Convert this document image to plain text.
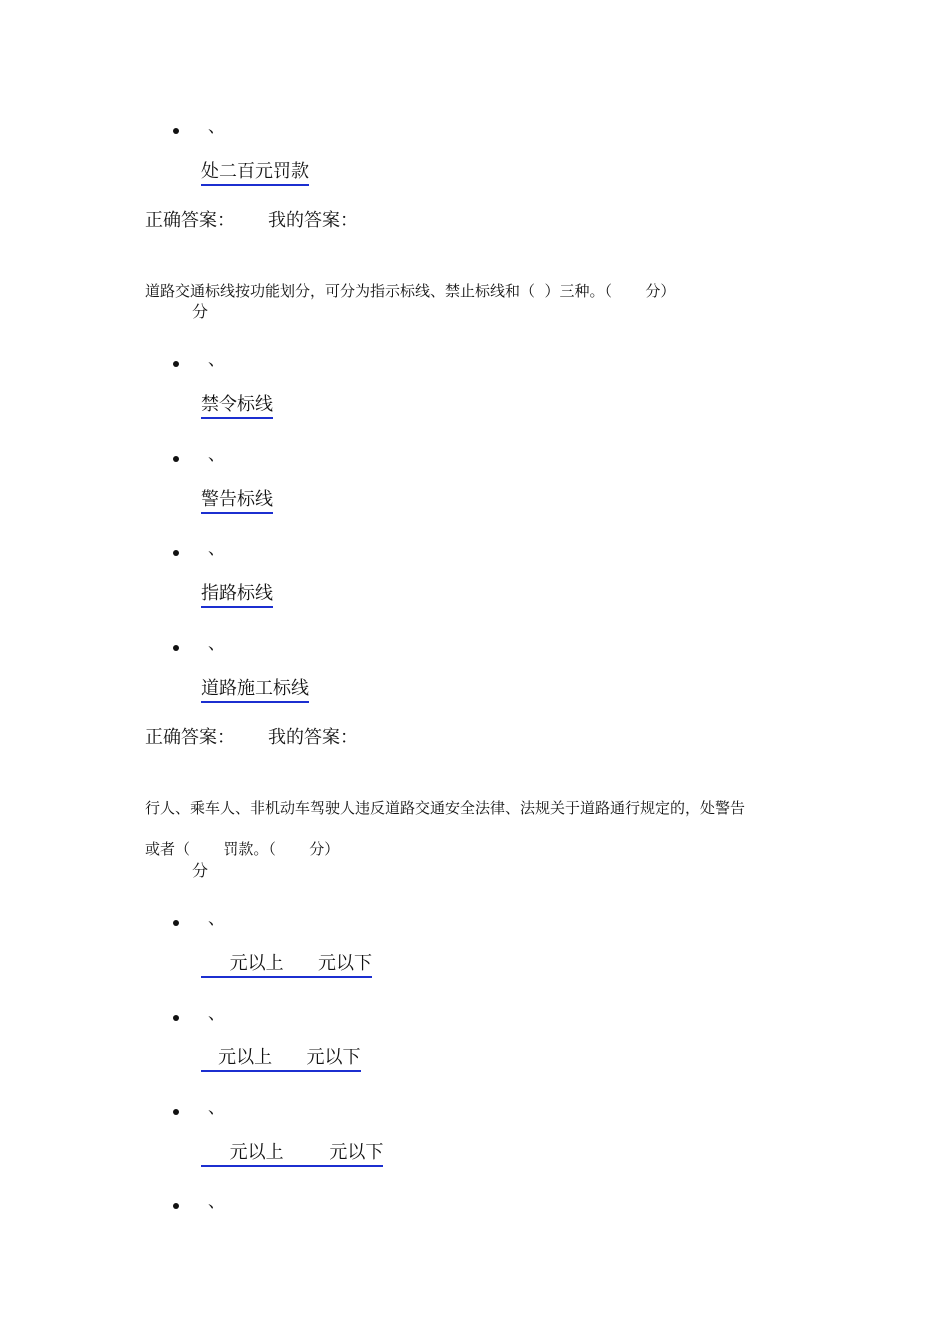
、
处二百元罚款
正确答案： 我的答案：
道路交通标线按功能划分，可分为指示标线、禁止标线和（  ）三种。（       分）
分
、
禁令标线
、
警告标线
、
指路标线
、
道路施工标线
正确答案： 我的答案：
行人、乘车人、非机动车驾驶人违反道路交通安全法律、法规关于道路通行规定的，处警告
或者（       罚款。（       分）
分
、
元以上      元以下
、
元以上      元以下
、
元以上        元以下
、
